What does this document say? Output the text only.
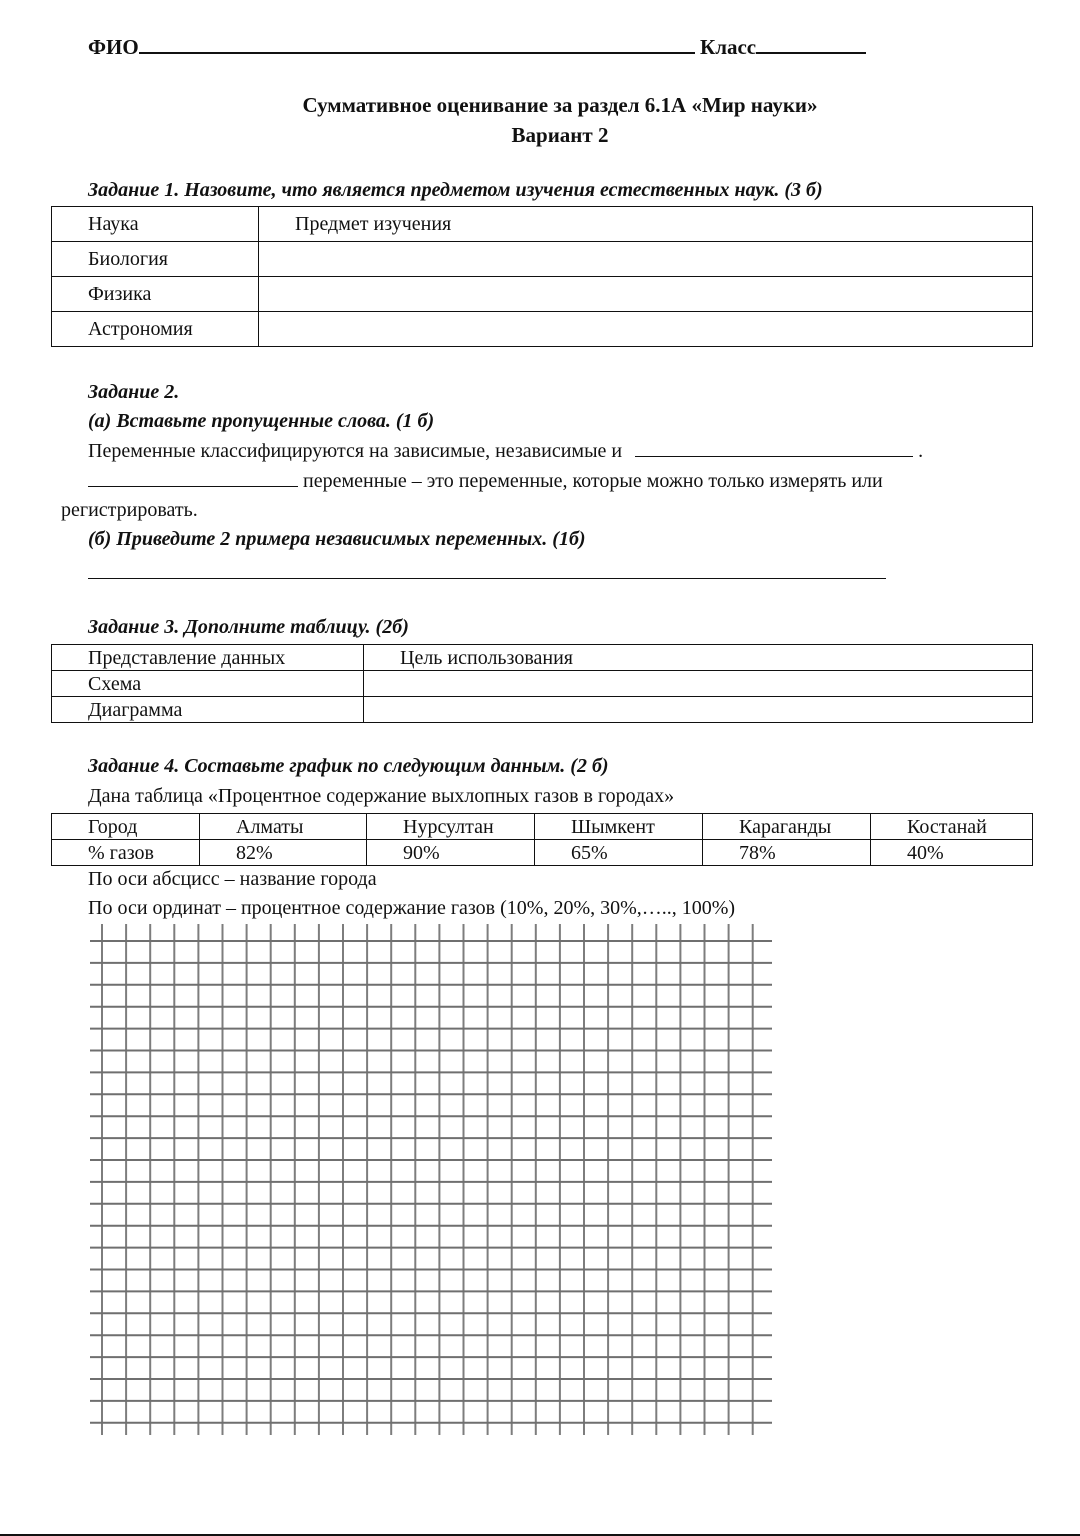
ФИО	Класс
Суммативное оценивание за раздел 6.1А «Мир науки»
Вариант 2
Задание 1. Назовите, что является предметом изучения естественных наук. (3 б)
Наука	Предмет изучения
Биология	
Физика	
Астрономия	
Задание 2.
(а) Вставьте пропущенные слова. (1 б)
Переменные классифицируются на зависимые, независимые и	.
переменные – это переменные, которые можно только измерять или
регистрировать.
(б) Приведите 2 примера независимых переменных. (1б)
Задание 3. Дополните таблицу. (2б)
Представление данных	Цель использования
Схема	
Диаграмма	
Задание 4. Составьте график по следующим данным. (2 б)
Дана таблица «Процентное содержание выхлопных газов в городах»
Город	Алматы	Нурсултан	Шымкент	Караганды	Костанай
% газов	82%	90%	65%	78%	40%
По оси абсцисс – название города
По оси ординат – процентное содержание газов (10%, 20%, 30%,….., 100%)
